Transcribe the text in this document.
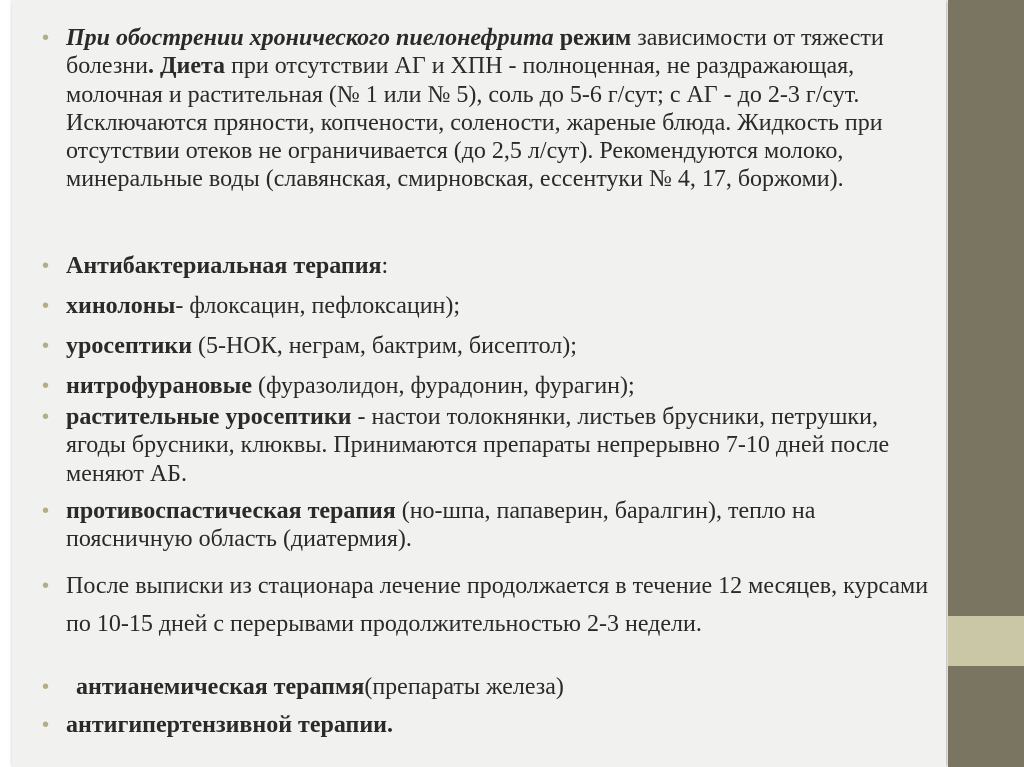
• При обострении хронического пиелонефрита режим зависимости от тяжести болезни. Диета при отсутствии АГ и ХПН - полноценная, не раздражающая, молочная и растительная (№ 1 или № 5), соль до 5-6 г/сут; с АГ - до 2-3 г/сут. Исключаются пряности, копчености, солености, жареные блюда. Жидкость при отсутствии отеков не ограничивается (до 2,5 л/сут). Рекомендуются молоко, минеральные воды (славянская, смирновская, ессентуки № 4, 17, боржоми).
• Антибактериальная терапия:
• хинолоны- флоксацин, пефлоксацин);
• уросептики (5-НОК, неграм, бактрим, бисептол);
• нитрофурановые (фуразолидон, фурадонин, фурагин);
• растительные уросептики - настои толокнянки, листьев брусники, петрушки, ягоды брусники, клюквы. Принимаются препараты непрерывно 7-10 дней после меняют АБ.
• противоспастическая терапия (но-шпа, папаверин, баралгин), тепло на поясничную область (диатермия).
• После выписки из стационара лечение продолжается в течение 12 месяцев, курсами по 10-15 дней с перерывами продолжительностью 2-3 недели.
• антианемическая терапмя(препараты железа)
• антигипертензивной терапии.
